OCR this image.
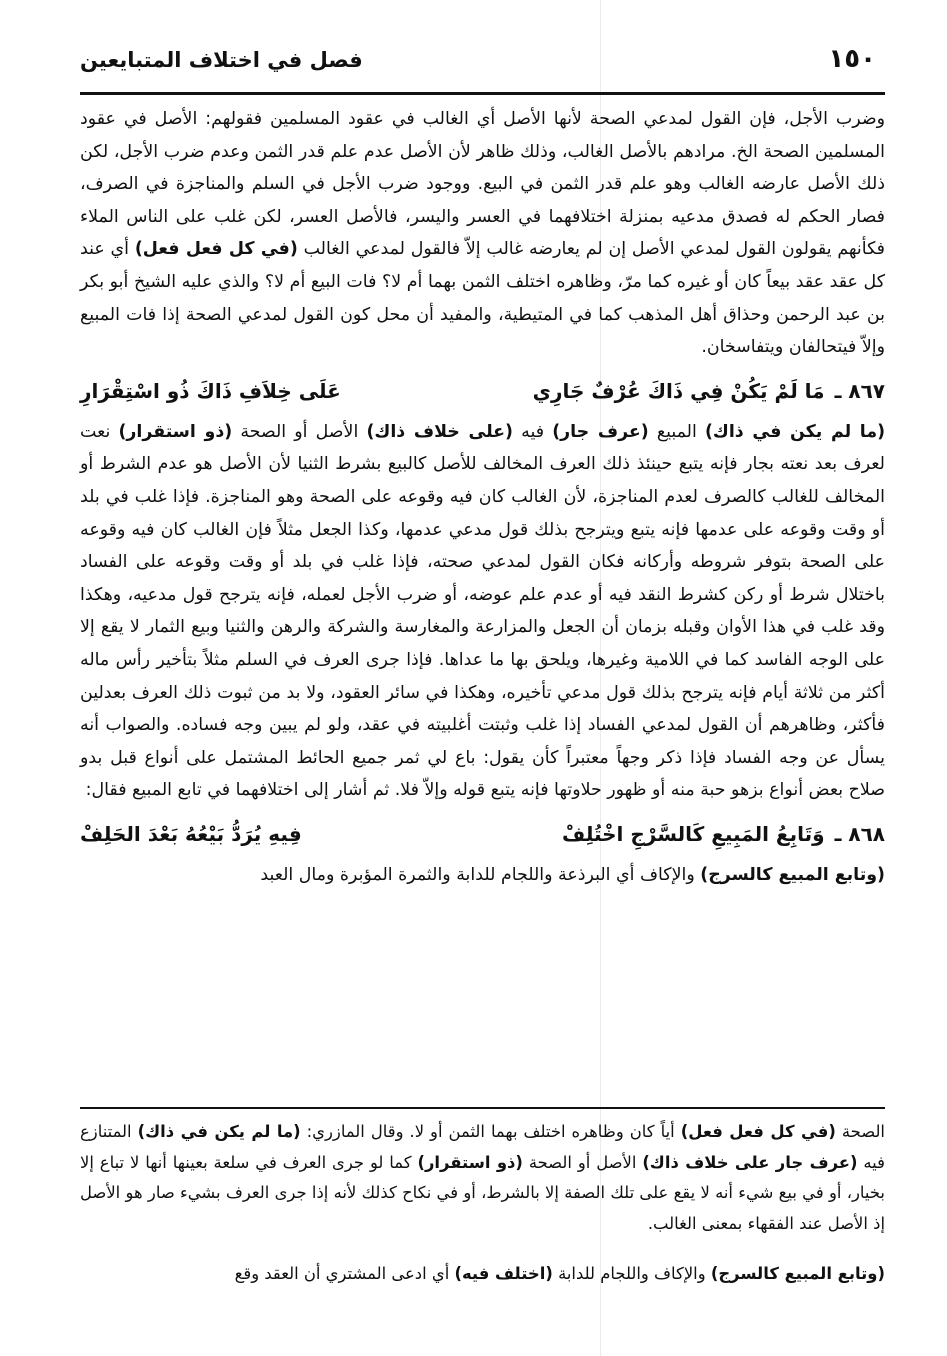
١٥٠
فصل في اختلاف المتبايعين

وضرب الأجل، فإن القول لمدعي الصحة لأنها الأصل أي الغالب في عقود المسلمين فقولهم: الأصل في عقود المسلمين الصحة الخ. مرادهم بالأصل الغالب، وذلك ظاهر لأن الأصل عدم علم قدر الثمن وعدم ضرب الأجل، لكن ذلك الأصل عارضه الغالب وهو علم قدر الثمن في البيع. ووجود ضرب الأجل في السلم والمناجزة في الصرف، فصار الحكم له فصدق مدعيه بمنزلة اختلافهما في العسر واليسر، فالأصل العسر، لكن غلب على الناس الملاء فكأنهم يقولون القول لمدعي الأصل إن لم يعارضه غالب إلاّ فالقول لمدعي الغالب (في كل فعل فعل) أي عند كل عقد عقد بيعاً كان أو غيره كما مرّ، وظاهره اختلف الثمن بهما أم لا؟ فات البيع أم لا؟ والذي عليه الشيخ أبو بكر بن عبد الرحمن وحذاق أهل المذهب كما في المتيطية، والمفيد أن محل كون القول لمدعي الصحة إذا فات المبيع وإلاّ فيتحالفان ويتفاسخان.

٨٦٧ ـ
مَا لَمْ يَكُنْ فِي ذَاكَ عُرْفٌ جَارِي
عَلَى خِلاَفِ ذَاكَ ذُو اسْتِقْرَارِ

(ما لم يكن في ذاك) المبيع (عرف جار) فيه (على خلاف ذاك) الأصل أو الصحة (ذو استقرار) نعت لعرف بعد نعته بجار فإنه يتبع حينئذ ذلك العرف المخالف للأصل كالبيع بشرط الثنيا لأن الأصل هو عدم الشرط أو المخالف للغالب كالصرف لعدم المناجزة، لأن الغالب كان فيه وقوعه على الصحة وهو المناجزة. فإذا غلب في بلد أو وقت وقوعه على عدمها فإنه يتبع ويترجح بذلك قول مدعي عدمها، وكذا الجعل مثلاً فإن الغالب كان فيه وقوعه على الصحة بتوفر شروطه وأركانه فكان القول لمدعي صحته، فإذا غلب في بلد أو وقت وقوعه على الفساد باختلال شرط أو ركن كشرط النقد فيه أو عدم علم عوضه، أو ضرب الأجل لعمله، فإنه يترجح قول مدعيه، وهكذا وقد غلب في هذا الأوان وقبله بزمان أن الجعل والمزارعة والمغارسة والشركة والرهن والثنيا وبيع الثمار لا يقع إلا على الوجه الفاسد كما في اللامية وغيرها، ويلحق بها ما عداها. فإذا جرى العرف في السلم مثلاً بتأخير رأس ماله أكثر من ثلاثة أيام فإنه يترجح بذلك قول مدعي تأخيره، وهكذا في سائر العقود، ولا بد من ثبوت ذلك العرف بعدلين فأكثر، وظاهرهم أن القول لمدعي الفساد إذا غلب وثبتت أغلبيته في عقد، ولو لم يبين وجه فساده. والصواب أنه يسأل عن وجه الفساد فإذا ذكر وجهاً معتبراً كأن يقول: باع لي ثمر جميع الحائط المشتمل على أنواع قبل بدو صلاح بعض أنواع بزهو حبة منه أو ظهور حلاوتها فإنه يتبع قوله وإلاّ فلا. ثم أشار إلى اختلافهما في تابع المبيع فقال:

٨٦٨ ـ
وَتَابِعُ المَبِيعِ كَالسَّرْجِ اخْتُلِفْ
فِيهِ يُرَدُّ بَيْعُهُ بَعْدَ الحَلِفْ

(وتابع المبيع كالسرج) والإكاف أي البرذعة واللجام للدابة والثمرة المؤبرة ومال العبد

الصحة (في كل فعل فعل) أياً كان وظاهره اختلف بهما الثمن أو لا. وقال المازري: (ما لم يكن في ذاك) المتنازع فيه (عرف جار على خلاف ذاك) الأصل أو الصحة (ذو استقرار) كما لو جرى العرف في سلعة بعينها أنها لا تباع إلا بخيار، أو في بيع شيء أنه لا يقع على تلك الصفة إلا بالشرط، أو في نكاح كذلك لأنه إذا جرى العرف بشيء صار هو الأصل إذ الأصل عند الفقهاء بمعنى الغالب.

(وتابع المبيع كالسرج) والإكاف واللجام للدابة (اختلف فيه) أي ادعى المشتري أن العقد وقع
